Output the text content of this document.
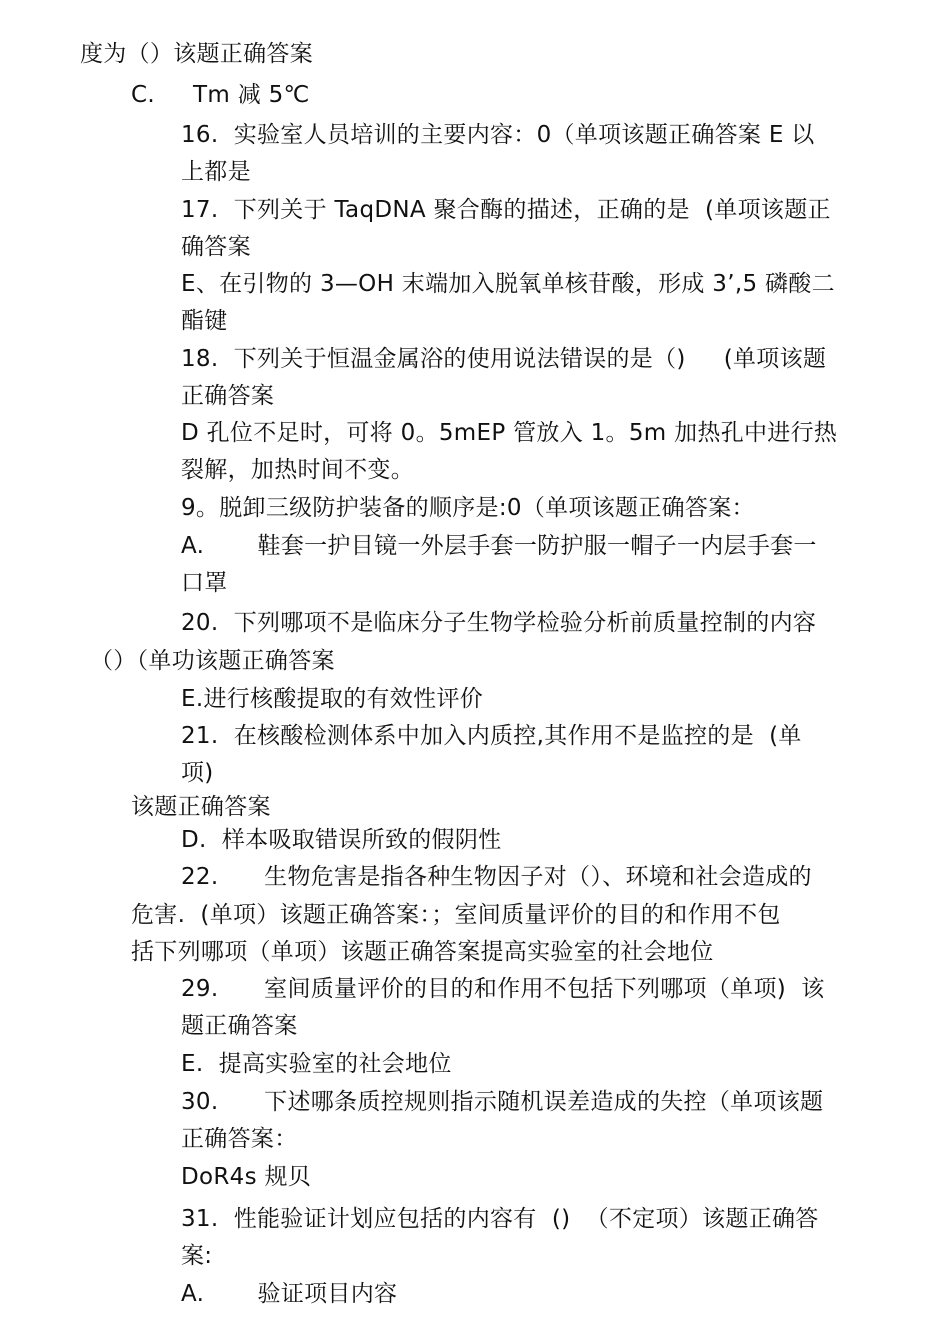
度为（）该题正确答案
C.     Tm 减 5℃
16.  实验室人员培训的主要内容：0（单项该题正确答案 E 以
上都是
17.  下列关于 TaqDNA 聚合酶的描述，正确的是  (单项该题正
确答案
E、在引物的 3—OH 末端加入脱氧单核苷酸，形成 3’,5 磷酸二
酯键
18.  下列关于恒温金属浴的使用说法错误的是（)     (单项该题
正确答案
D 孔位不足时，可将 0。5mEP 管放入 1。5m 加热孔中进行热
裂解，加热时间不变。
9。脱卸三级防护装备的顺序是:0（单项该题正确答案：
A.       鞋套一护目镜一外层手套一防护服一帽子一内层手套一
口罩
20.  下列哪项不是临床分子生物学检验分析前质量控制的内容
（）（单功该题正确答案
E.进行核酸提取的有效性评价
21.  在核酸检测体系中加入内质控,其作用不是监控的是  (单
项)
该题正确答案
D.  样本吸取错误所致的假阴性
22.      生物危害是指各种生物因子对（）、环境和社会造成的
危害.  (单项）该题正确答案：；室间质量评价的目的和作用不包
括下列哪项（单项）该题正确答案提高实验室的社会地位
29.      室间质量评价的目的和作用不包括下列哪项（单项)  该
题正确答案
E.  提高实验室的社会地位
30.      下述哪条质控规则指示随机误差造成的失控（单项该题
正确答案：
DoR4s 规贝
31.  性能验证计划应包括的内容有  ()  （不定项）该题正确答
案:
A.       验证项目内容
